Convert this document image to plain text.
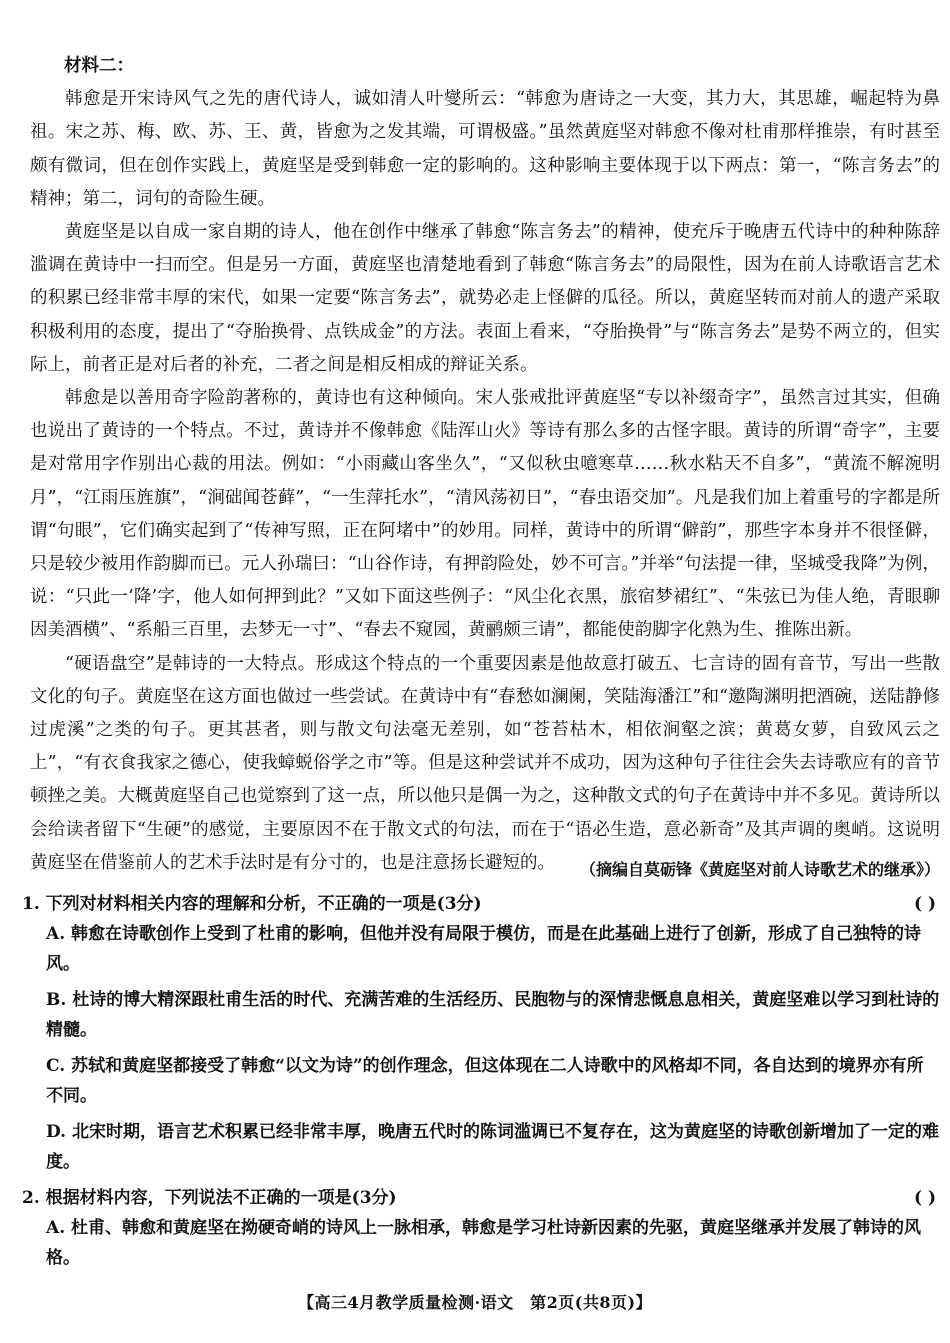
材料二：

韩愈是开宋诗风气之先的唐代诗人，诚如清人叶燮所云：“韩愈为唐诗之一大变，其力大，其思雄，崛起特为鼻祖。宋之苏、梅、欧、苏、王、黄，皆愈为之发其端，可谓极盛。”虽然黄庭坚对韩愈不像对杜甫那样推崇，有时甚至颇有微词，但在创作实践上，黄庭坚是受到韩愈一定的影响的。这种影响主要体现于以下两点：第一，“陈言务去”的精神；第二，词句的奇险生硬。

黄庭坚是以自成一家自期的诗人，他在创作中继承了韩愈“陈言务去”的精神，使充斥于晚唐五代诗中的种种陈辞滥调在黄诗中一扫而空。但是另一方面，黄庭坚也清楚地看到了韩愈“陈言务去”的局限性，因为在前人诗歌语言艺术的积累已经非常丰厚的宋代，如果一定要“陈言务去”，就势必走上怪僻的瓜径。所以，黄庭坚转而对前人的遗产采取积极利用的态度，提出了“夺胎换骨、点铁成金”的方法。表面上看来，“夺胎换骨”与“陈言务去”是势不两立的，但实际上，前者正是对后者的补充，二者之间是相反相成的辩证关系。

韩愈是以善用奇字险韵著称的，黄诗也有这种倾向。宋人张戒批评黄庭坚“专以补缀奇字”，虽然言过其实，但确也说出了黄诗的一个特点。不过，黄诗并不像韩愈《陆浑山火》等诗有那么多的古怪字眼。黄诗的所谓“奇字”，主要是对常用字作别出心裁的用法。例如：“小雨藏山客坐久”，“又似秋虫噫寒草……秋水粘天不自多”，“黄流不解涴明月”，“江雨压旌旗”，“涧础闻苍藓”，“一生萍托水”，“清风荡初日”，“春虫语交加”。凡是我们加上着重号的字都是所谓“句眼”，它们确实起到了“传神写照，正在阿堵中”的妙用。同样，黄诗中的所谓“僻韵”，那些字本身并不很怪僻，只是较少被用作韵脚而已。元人孙瑞曰：“山谷作诗，有押韵险处，妙不可言。”并举“句法提一律，坚城受我降”为例，说：“只此一‘降’字，他人如何押到此？”又如下面这些例子：“风尘化衣黑，旅宿梦裙红”、“朱弦已为佳人绝，青眼聊因美酒横”、“系船三百里，去梦无一寸”、“春去不窥园，黄鹂颇三请”，都能使韵脚字化熟为生、推陈出新。

“硬语盘空”是韩诗的一大特点。形成这个特点的一个重要因素是他故意打破五、七言诗的固有音节，写出一些散文化的句子。黄庭坚在这方面也做过一些尝试。在黄诗中有“春愁如澜阑，笑陆海潘江”和“邀陶渊明把酒碗，送陆静修过虎溪”之类的句子。更其甚者，则与散文句法毫无差别，如“苍苔枯木，相依涧壑之滨；黄葛女萝，自致风云之上”，“有衣食我家之德心，使我蟑蜕俗学之市”等。但是这种尝试并不成功，因为这种句子往往会失去诗歌应有的音节顿挫之美。大概黄庭坚自己也觉察到了这一点，所以他只是偶一为之，这种散文式的句子在黄诗中并不多见。黄诗所以会给读者留下“生硬”的感觉，主要原因不在于散文式的句法，而在于“语必生造，意必新奇”及其声调的奥峭。这说明黄庭坚在借鉴前人的艺术手法时是有分寸的，也是注意扬长避短的。	（摘编自莫砺锋《黄庭坚对前人诗歌艺术的继承》）
1. 下列对材料相关内容的理解和分析，不正确的一项是(3分)	( )
A. 韩愈在诗歌创作上受到了杜甫的影响，但他并没有局限于模仿，而是在此基础上进行了创新，形成了自己独特的诗风。
B. 杜诗的博大精深跟杜甫生活的时代、充满苦难的生活经历、民胞物与的深情悲慨息息相关，黄庭坚难以学习到杜诗的精髓。
C. 苏轼和黄庭坚都接受了韩愈“以文为诗”的创作理念，但这体现在二人诗歌中的风格却不同，各自达到的境界亦有所不同。
D. 北宋时期，语言艺术积累已经非常丰厚，晚唐五代时的陈词滥调已不复存在，这为黄庭坚的诗歌创新增加了一定的难度。
2. 根据材料内容，下列说法不正确的一项是(3分)	( )
A. 杜甫、韩愈和黄庭坚在拗硬奇峭的诗风上一脉相承，韩愈是学习杜诗新因素的先驱，黄庭坚继承并发展了韩诗的风格。
【高三4月教学质量检测·语文　第2页(共8页)】
